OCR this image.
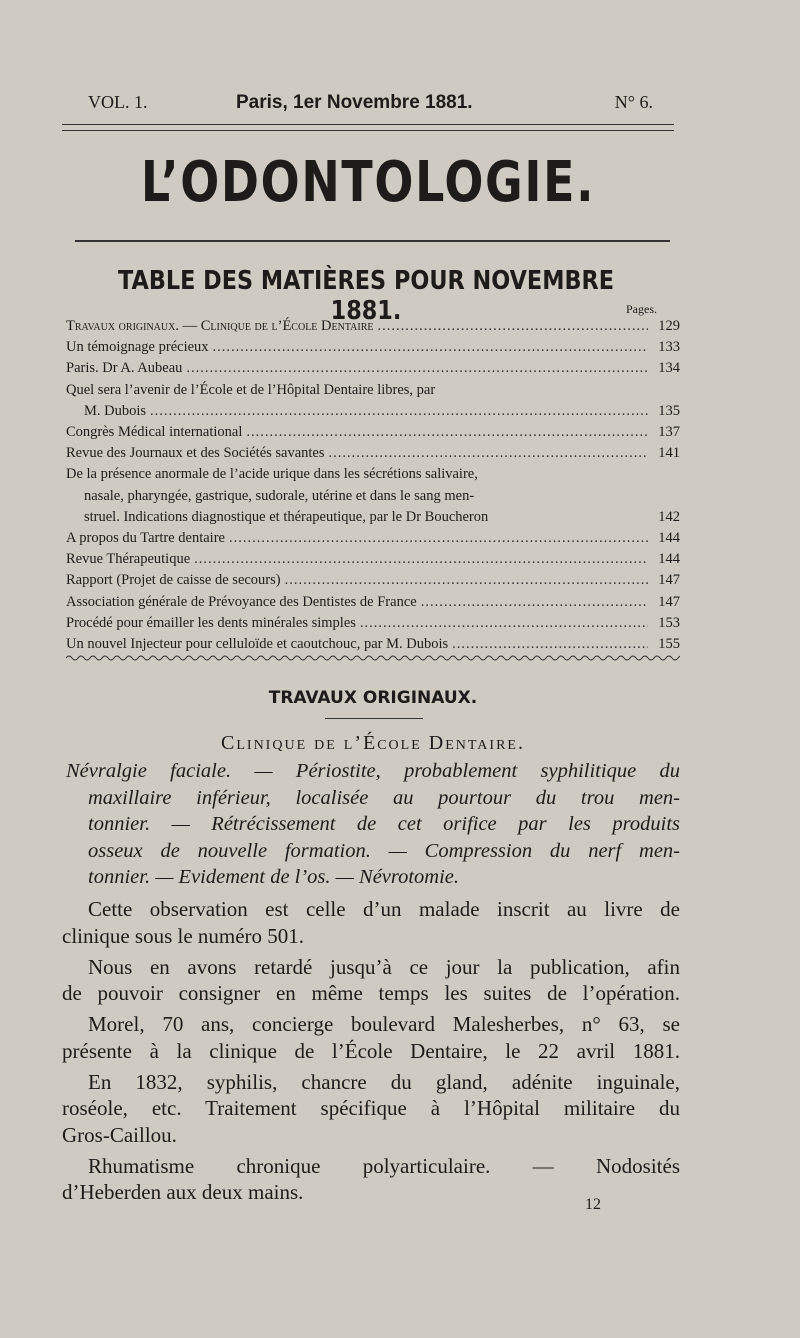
VOL. 1.	Paris, 1er Novembre 1881.	N° 6.
L’ODONTOLOGIE.
TABLE DES MATIÈRES POUR NOVEMBRE 1881.	Pages.
Travaux originaux. — Clinique de l’École Dentaire .....	129
Un témoignage précieux .....	133
Paris. Dr A. Aubeau .....	134
Quel sera l’avenir de l’École et de l’Hôpital Dentaire libres, par
M. Dubois .....	135
Congrès Médical international .....	137
Revue des Journaux et des Sociétés savantes .....	141
De la présence anormale de l’acide urique dans les sécrétions salivaire,
nasale, pharyngée, gastrique, sudorale, utérine et dans le sang men-
struel. Indications diagnostique et thérapeutique, par le Dr Boucheron	142
A propos du Tartre dentaire .....	144
Revue Thérapeutique .....	144
Rapport (Projet de caisse de secours) .....	147
Association générale de Prévoyance des Dentistes de France .....	147
Procédé pour émailler les dents minérales simples .....	153
Un nouvel Injecteur pour celluloïde et caoutchouc, par M. Dubois .....	155
TRAVAUX ORIGINAUX.
Clinique de l’École Dentaire.
Névralgie faciale. — Périostite, probablement syphilitique du
maxillaire inférieur, localisée au pourtour du trou men-
tonnier. — Rétrécissement de cet orifice par les produits
osseux de nouvelle formation. — Compression du nerf men-
tonnier. — Evidement de l’os. — Névrotomie.

Cette observation est celle d’un malade inscrit au livre de
clinique sous le numéro 501.

Nous en avons retardé jusqu’à ce jour la publication, afin
de pouvoir consigner en même temps les suites de l’opération.

Morel, 70 ans, concierge boulevard Malesherbes, n° 63, se
présente à la clinique de l’École Dentaire, le 22 avril 1881.

En 1832, syphilis, chancre du gland, adénite inguinale,
roséole, etc. Traitement spécifique à l’Hôpital militaire du
Gros-Caillou.

Rhumatisme chronique polyarticulaire. — Nodosités
d’Heberden aux deux mains.

12
